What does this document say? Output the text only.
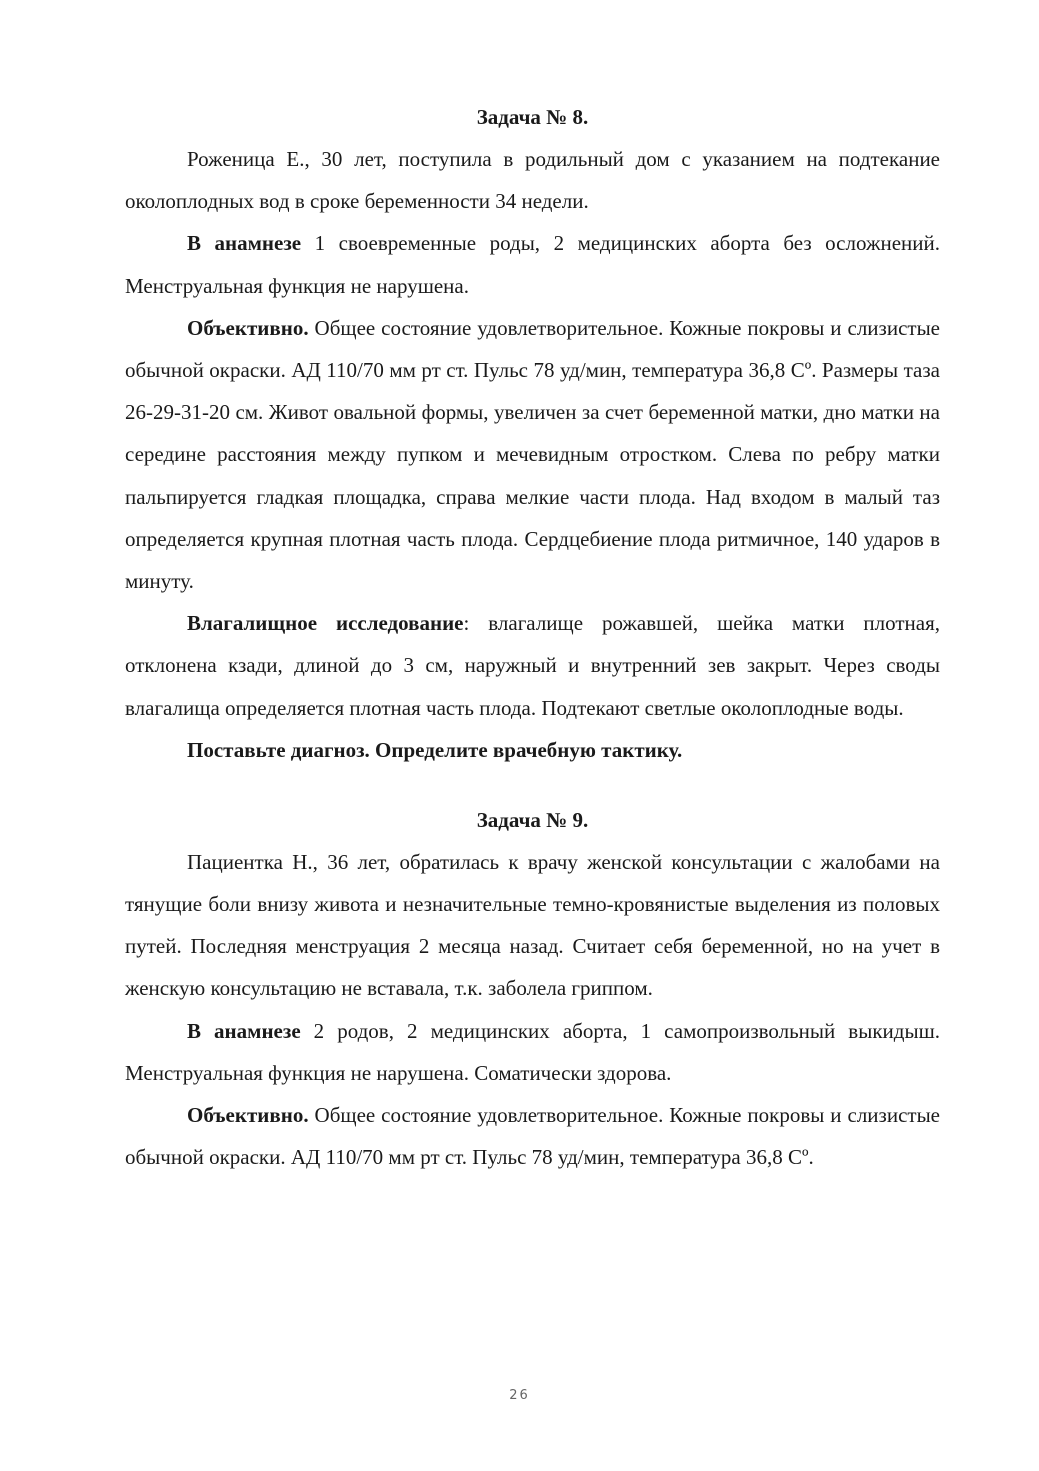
Задача № 8.

Роженица Е., 30 лет, поступила в родильный дом с указанием на подтекание околоплодных вод в сроке беременности 34 недели.

В анамнезе 1 своевременные роды, 2 медицинских аборта без осложнений. Менструальная функция не нарушена.

Объективно. Общее состояние удовлетворительное. Кожные покровы и слизистые обычной окраски. АД 110/70 мм рт ст. Пульс 78 уд/мин, температура 36,8 Сº. Размеры таза 26-29-31-20 см. Живот овальной формы, увеличен за счет беременной матки, дно матки на середине расстояния между пупком и мечевидным отростком. Слева по ребру матки пальпируется гладкая площадка, справа мелкие части плода. Над входом в малый таз определяется крупная плотная часть плода. Сердцебиение плода ритмичное, 140 ударов в минуту.

Влагалищное исследование: влагалище рожавшей, шейка матки плотная, отклонена кзади, длиной до 3 см, наружный и внутренний зев закрыт. Через своды влагалища определяется плотная часть плода. Подтекают светлые околоплодные воды.

Поставьте диагноз. Определите врачебную тактику.

Задача № 9.

Пациентка Н., 36 лет, обратилась к врачу женской консультации с жалобами на тянущие боли внизу живота и незначительные темно-кровянистые выделения из половых путей. Последняя менструация 2 месяца назад. Считает себя беременной, но на учет в женскую консультацию не вставала, т.к. заболела гриппом.

В анамнезе 2 родов, 2 медицинских аборта, 1 самопроизвольный выкидыш. Менструальная функция не нарушена. Соматически здорова.

Объективно. Общее состояние удовлетворительное. Кожные покровы и слизистые обычной окраски. АД 110/70 мм рт ст. Пульс 78 уд/мин, температура 36,8 Сº.

26
